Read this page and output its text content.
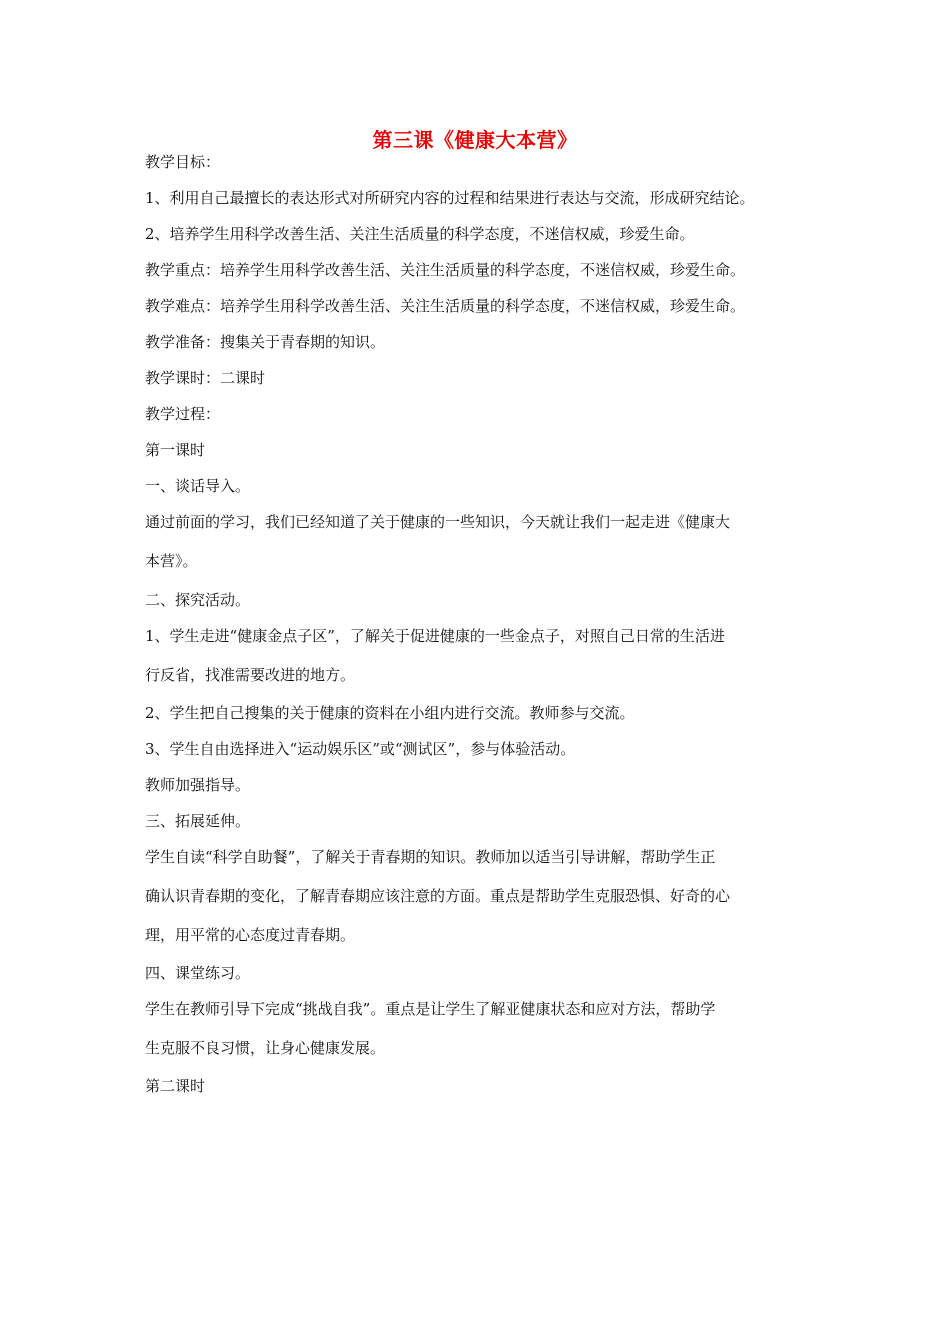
第三课《健康大本营》
教学目标：
1、利用自己最擅长的表达形式对所研究内容的过程和结果进行表达与交流，形成研究结论。
2、培养学生用科学改善生活、关注生活质量的科学态度，不迷信权威，珍爱生命。
教学重点：培养学生用科学改善生活、关注生活质量的科学态度，不迷信权威，珍爱生命。
教学难点：培养学生用科学改善生活、关注生活质量的科学态度，不迷信权威，珍爱生命。
教学准备：搜集关于青春期的知识。
教学课时：二课时
教学过程：
第一课时
一、谈话导入。
通过前面的学习，我们已经知道了关于健康的一些知识，今天就让我们一起走进《健康大
本营》。
二、探究活动。
1、学生走进“健康金点子区”，了解关于促进健康的一些金点子，对照自己日常的生活进
行反省，找准需要改进的地方。
2、学生把自己搜集的关于健康的资料在小组内进行交流。教师参与交流。
3、学生自由选择进入“运动娱乐区”或“测试区”，参与体验活动。
教师加强指导。
三、拓展延伸。
学生自读“科学自助餐”，了解关于青春期的知识。教师加以适当引导讲解，帮助学生正
确认识青春期的变化，了解青春期应该注意的方面。重点是帮助学生克服恐惧、好奇的心
理，用平常的心态度过青春期。
四、课堂练习。
学生在教师引导下完成“挑战自我”。重点是让学生了解亚健康状态和应对方法，帮助学
生克服不良习惯，让身心健康发展。
第二课时
